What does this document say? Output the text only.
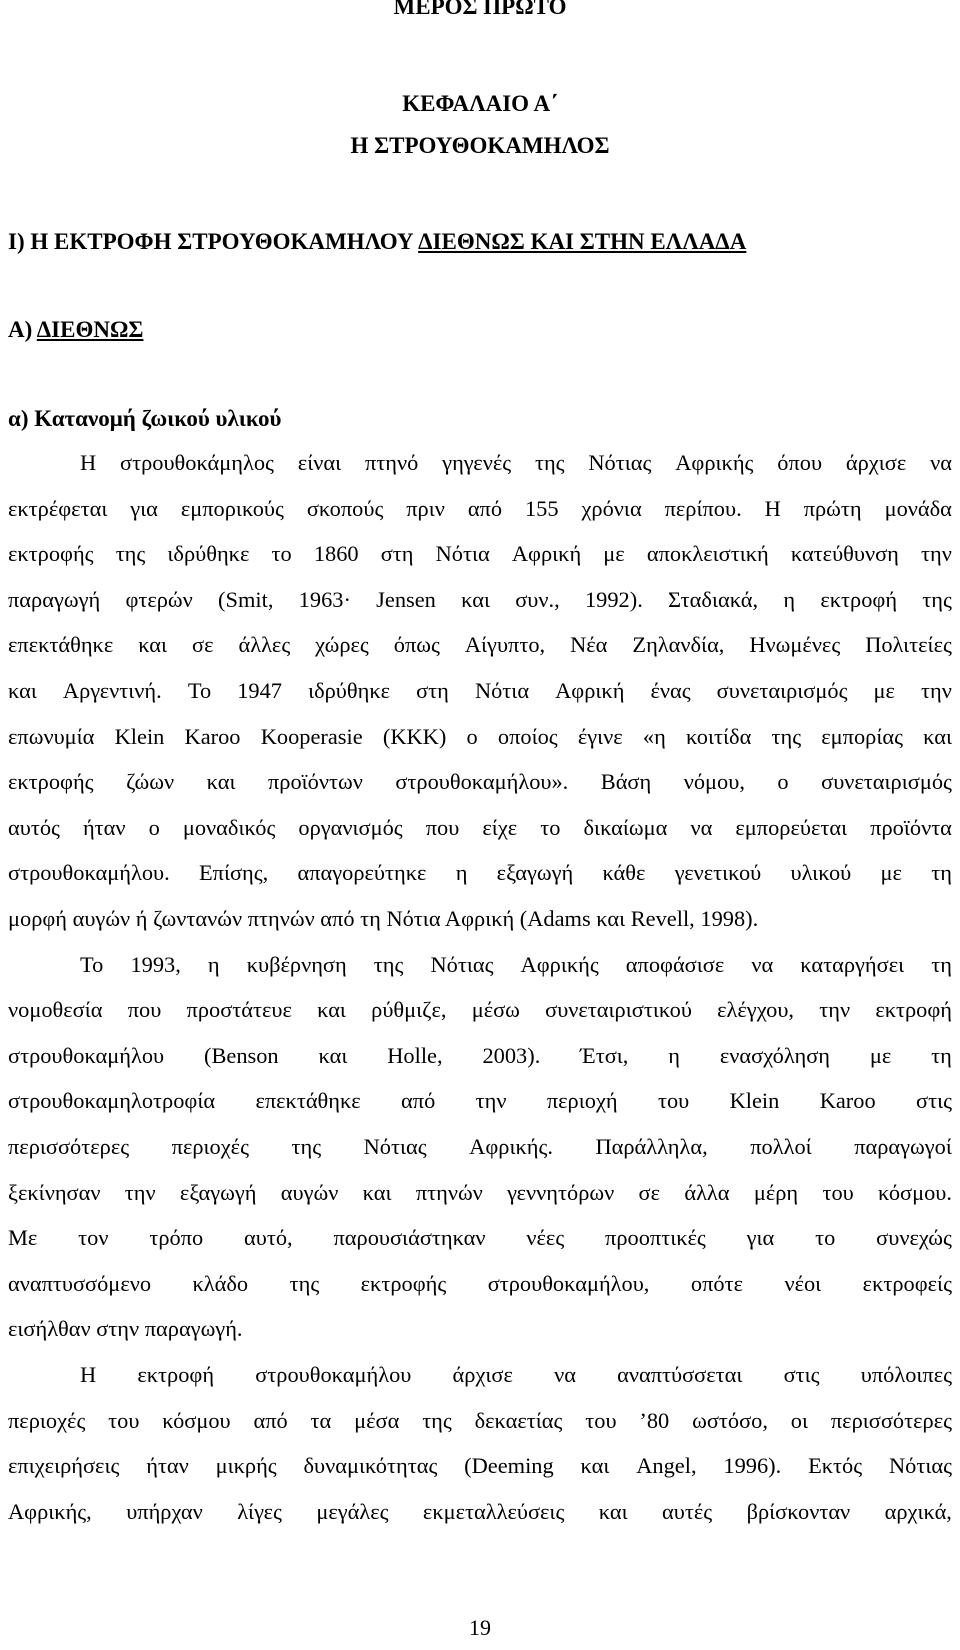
ΜΕΡΟΣ ΠΡΩΤΟ
ΚΕΦΑΛΑΙΟ Α΄
Η ΣΤΡΟΥΘΟΚΑΜΗΛΟΣ
I) Η ΕΚΤΡΟΦΗ ΣΤΡΟΥΘΟΚΑΜΗΛΟΥ ΔΙΕΘΝΩΣ ΚΑΙ ΣΤΗΝ ΕΛΛΑΔΑ
Α) ΔΙΕΘΝΩΣ
α) Κατανομή ζωικού υλικού
Η στρουθοκάμηλος είναι πτηνό γηγενές της Νότιας Αφρικής όπου άρχισε να
εκτρέφεται για εμπορικούς σκοπούς πριν από 155 χρόνια περίπου. Η πρώτη μονάδα
εκτροφής της ιδρύθηκε το 1860 στη Νότια Αφρική με αποκλειστική κατεύθυνση την
παραγωγή φτερών (Smit, 1963· Jensen και συν., 1992). Σταδιακά, η εκτροφή της
επεκτάθηκε και σε άλλες χώρες όπως Αίγυπτο, Νέα Ζηλανδία, Ηνωμένες Πολιτείες
και Αργεντινή. Το 1947 ιδρύθηκε στη Νότια Αφρική ένας συνεταιρισμός με την
επωνυμία Klein Karoo Kooperasie (KKK) ο οποίος έγινε «η κοιτίδα της εμπορίας και
εκτροφής ζώων και προϊόντων στρουθοκαμήλου». Βάση νόμου, ο συνεταιρισμός
αυτός ήταν ο μοναδικός οργανισμός που είχε το δικαίωμα να εμπορεύεται προϊόντα
στρουθοκαμήλου. Επίσης, απαγορεύτηκε η εξαγωγή κάθε γενετικού υλικού με τη
μορφή αυγών ή ζωντανών πτηνών από τη Νότια Αφρική (Adams και Revell, 1998).
Το 1993, η κυβέρνηση της Νότιας Αφρικής αποφάσισε να καταργήσει τη
νομοθεσία που προστάτευε και ρύθμιζε, μέσω συνεταιριστικού ελέγχου, την εκτροφή
στρουθοκαμήλου (Benson και Holle, 2003). Έτσι, η ενασχόληση με τη
στρουθοκαμηλοτροφία επεκτάθηκε από την περιοχή του Klein Karoo στις
περισσότερες περιοχές της Νότιας Αφρικής. Παράλληλα, πολλοί παραγωγοί
ξεκίνησαν την εξαγωγή αυγών και πτηνών γεννητόρων σε άλλα μέρη του κόσμου.
Με τον τρόπο αυτό, παρουσιάστηκαν νέες προοπτικές για το συνεχώς
αναπτυσσόμενο κλάδο της εκτροφής στρουθοκαμήλου, οπότε νέοι εκτροφείς
εισήλθαν στην παραγωγή.
Η εκτροφή στρουθοκαμήλου άρχισε να αναπτύσσεται στις υπόλοιπες
περιοχές του κόσμου από τα μέσα της δεκαετίας του ’80 ωστόσο, οι περισσότερες
επιχειρήσεις ήταν μικρής δυναμικότητας (Deeming και Angel, 1996). Εκτός Νότιας
Αφρικής, υπήρχαν λίγες μεγάλες εκμεταλλεύσεις και αυτές βρίσκονταν αρχικά,
19
